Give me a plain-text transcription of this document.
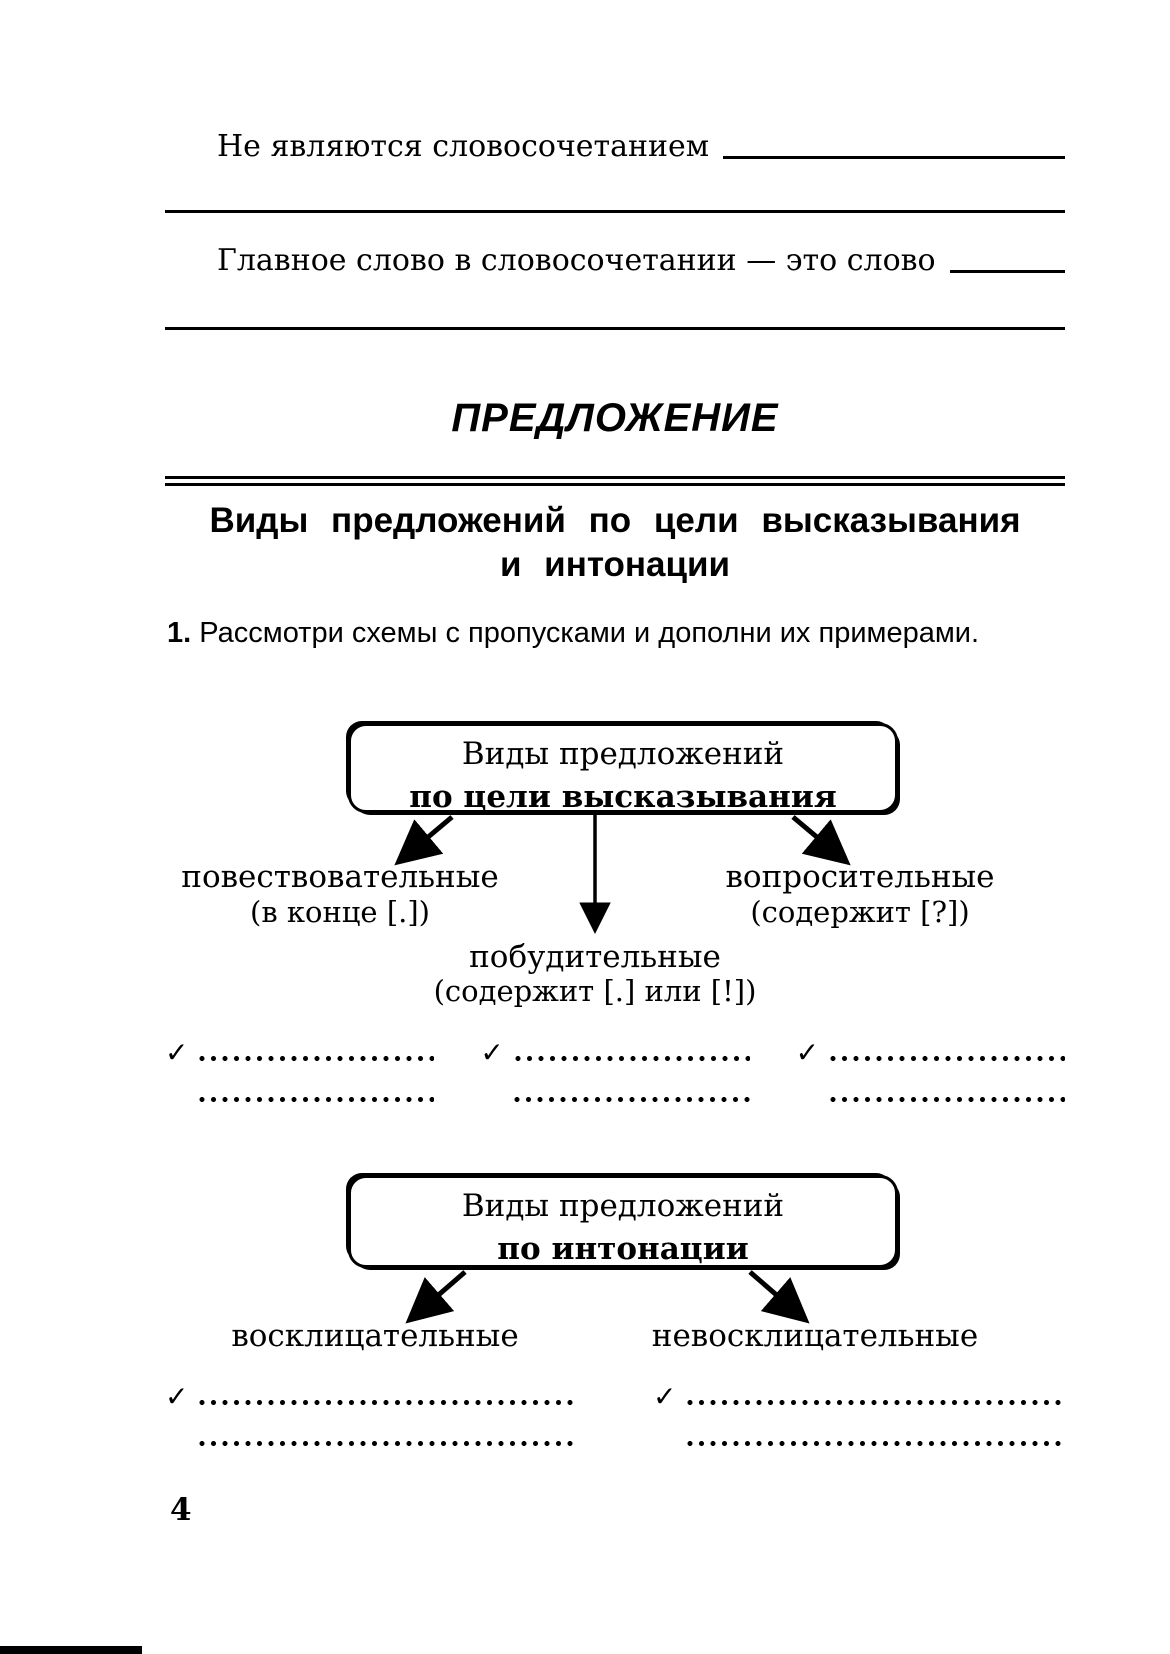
Не являются словосочетанием
Главное слово в словосочетании — это слово
ПРЕДЛОЖЕНИЕ
Виды предложений по цели высказывания
и интонации
1. Рассмотри схемы с пропусками и дополни их примерами.
Виды предложений
по цели высказывания
повествовательные
(в конце [.])
вопросительные
(содержит [?])
побудительные
(содержит [.] или [!])
✓	✓	✓
Виды предложений
по интонации
восклицательные	невосклицательные
✓	✓
4
